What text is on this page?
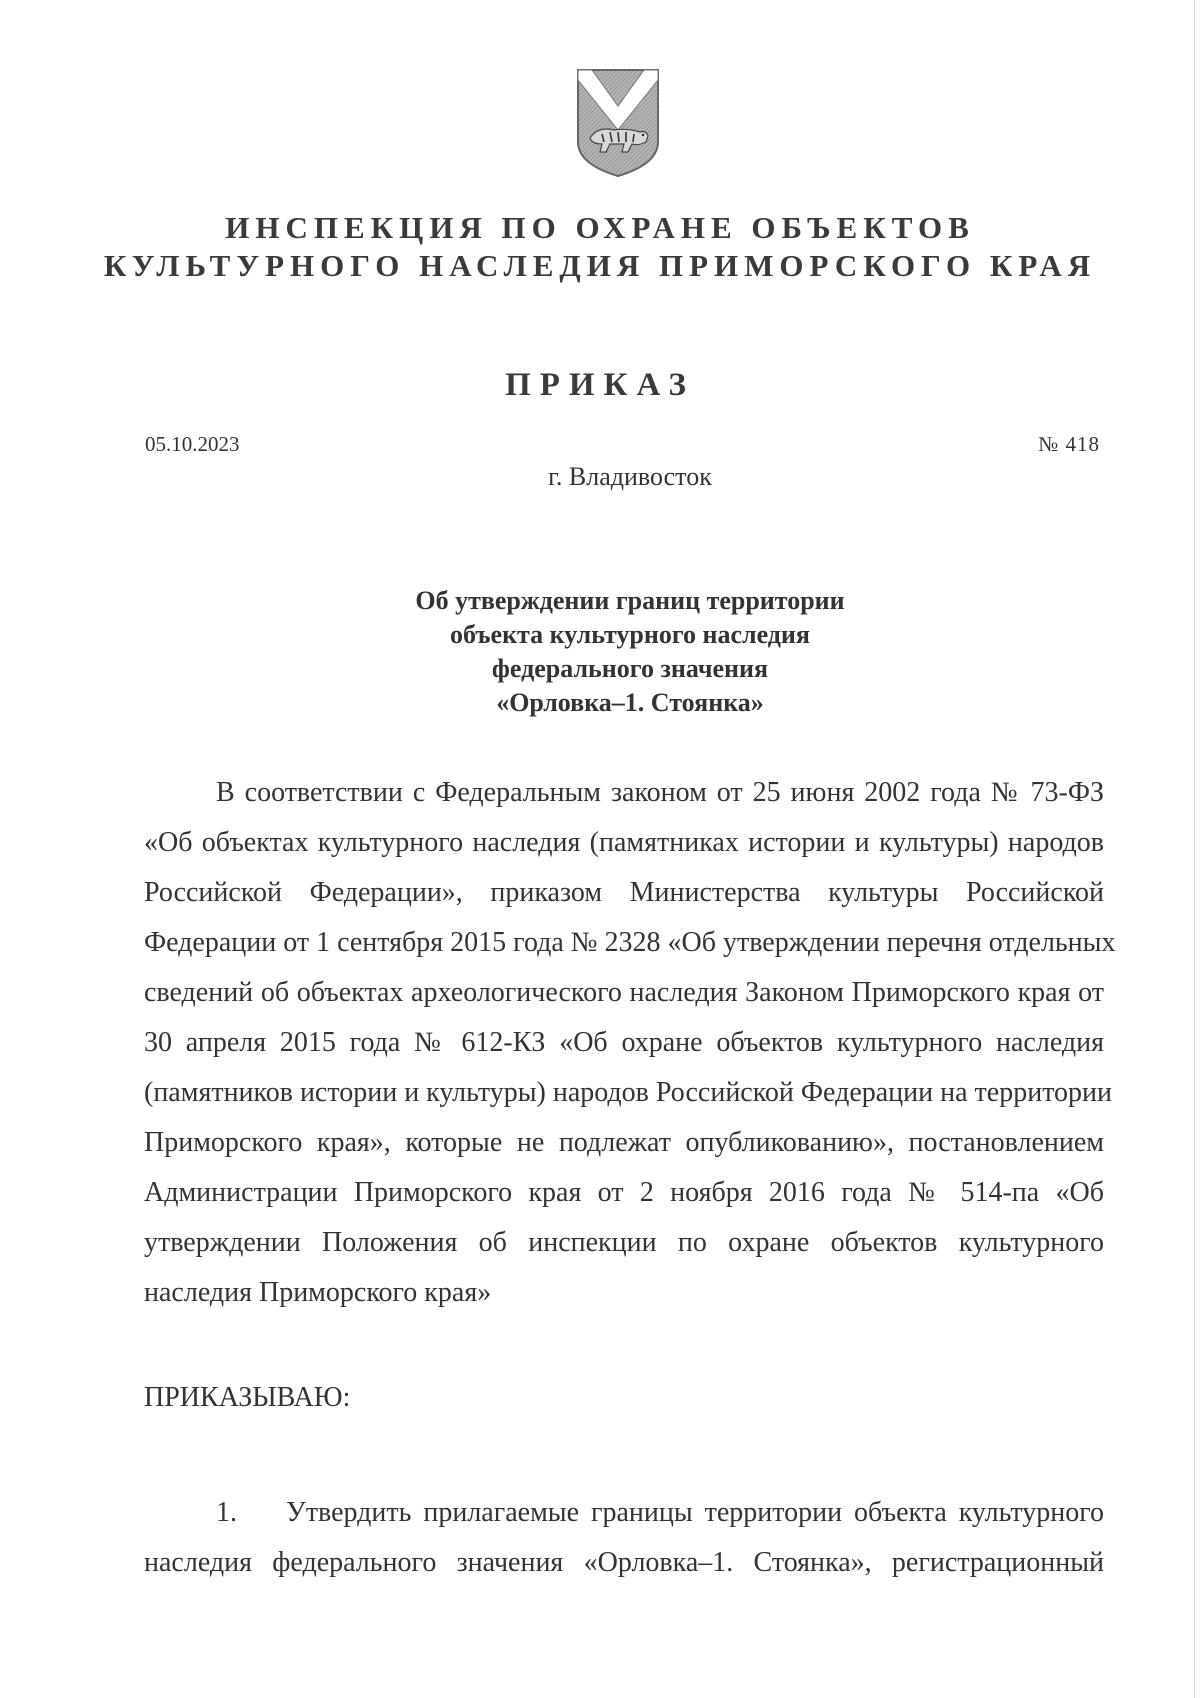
ИНСПЕКЦИЯ ПО ОХРАНЕ ОБЪЕКТОВ
КУЛЬТУРНОГО НАСЛЕДИЯ ПРИМОРСКОГО КРАЯ
ПРИКАЗ
05.10.2023	№ 418
г. Владивосток
Об утверждении границ территории
объекта культурного наследия
федерального значения
«Орловка–1. Стоянка»
В соответствии с Федеральным законом от 25 июня 2002 года № 73-ФЗ
«Об объектах культурного наследия (памятниках истории и культуры) народов
Российской Федерации», приказом Министерства культуры Российской
Федерации от 1 сентября 2015 года № 2328 «Об утверждении перечня отдельных
сведений об объектах археологического наследия Законом Приморского края от
30 апреля 2015 года № 612-КЗ «Об охране объектов культурного наследия
(памятников истории и культуры) народов Российской Федерации на территории
Приморского края», которые не подлежат опубликованию», постановлением
Администрации Приморского края от 2 ноября 2016 года № 514-па «Об
утверждении Положения об инспекции по охране объектов культурного
наследия Приморского края»
ПРИКАЗЫВАЮ:
1. Утвердить прилагаемые границы территории объекта культурного
наследия федерального значения «Орловка–1. Стоянка», регистрационный
